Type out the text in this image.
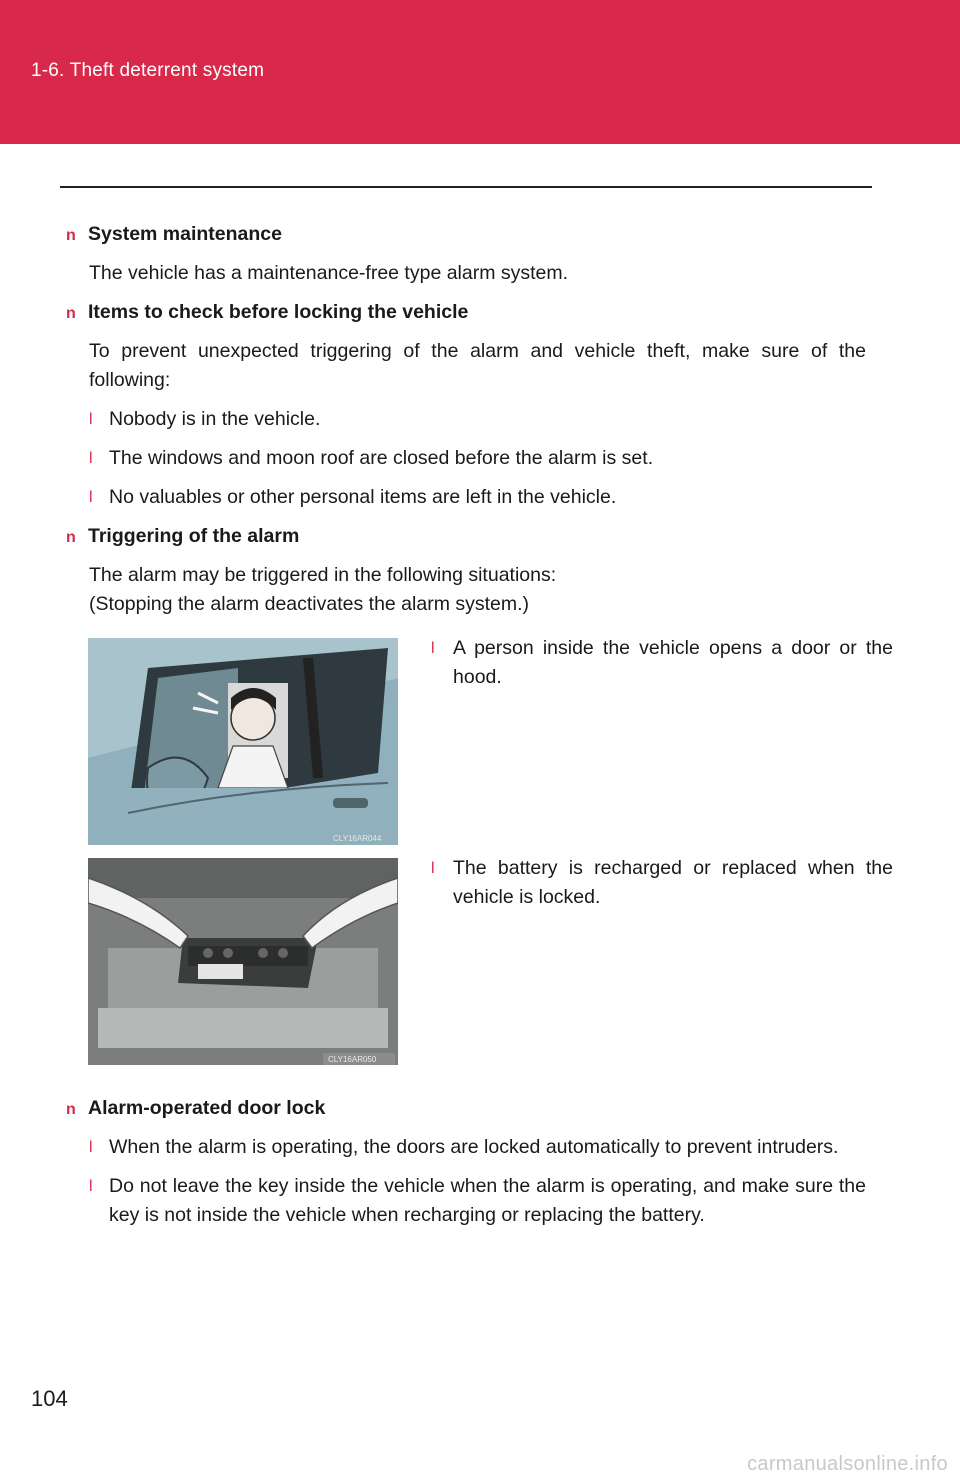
1-6. Theft deterrent system
n System maintenance
The vehicle has a maintenance-free type alarm system.
n Items to check before locking the vehicle
To prevent unexpected triggering of the alarm and vehicle theft, make sure of the following:
l Nobody is in the vehicle.
l The windows and moon roof are closed before the alarm is set.
l No valuables or other personal items are left in the vehicle.
n Triggering of the alarm
The alarm may be triggered in the following situations:
(Stopping the alarm deactivates the alarm system.)
CLY16AR044
l A person inside the vehicle opens a door or the hood.
CLY16AR050
l The battery is recharged or replaced when the vehicle is locked.
n Alarm-operated door lock
l When the alarm is operating, the doors are locked automatically to prevent intruders.
l Do not leave the key inside the vehicle when the alarm is operating, and make sure the key is not inside the vehicle when recharging or replacing the battery.
104
carmanualsonline.info
